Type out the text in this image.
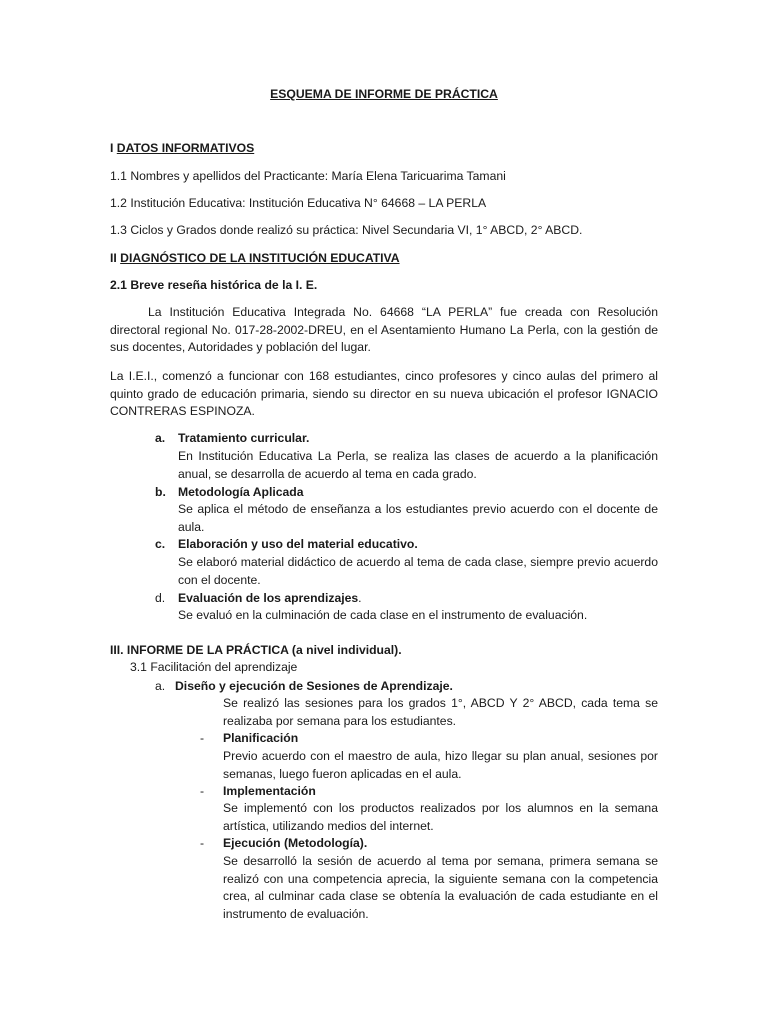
ESQUEMA DE INFORME DE PRÁCTICA
I DATOS INFORMATIVOS
1.1 Nombres y apellidos del Practicante: María Elena Taricuarima Tamani
1.2 Institución Educativa: Institución Educativa N° 64668 – LA PERLA
1.3 Ciclos y Grados donde realizó su práctica: Nivel Secundaria VI, 1° ABCD, 2° ABCD.
II DIAGNÓSTICO DE LA INSTITUCIÓN EDUCATIVA
2.1 Breve reseña histórica de la I. E.
La Institución Educativa Integrada No. 64668 “LA PERLA” fue creada con Resolución directoral regional No. 017-28-2002-DREU, en el Asentamiento Humano La Perla, con la gestión de sus docentes, Autoridades y población del lugar.
La I.E.I., comenzó a funcionar con 168 estudiantes, cinco profesores y cinco aulas del primero al quinto grado de educación primaria, siendo su director en su nueva ubicación el profesor IGNACIO CONTRERAS ESPINOZA.
a. Tratamiento curricular.
En Institución Educativa La Perla, se realiza las clases de acuerdo a la planificación anual, se desarrolla de acuerdo al tema en cada grado.
b. Metodología Aplicada
Se aplica el método de enseñanza a los estudiantes previo acuerdo con el docente de aula.
c. Elaboración y uso del material educativo.
Se elaboró material didáctico de acuerdo al tema de cada clase, siempre previo acuerdo con el docente.
d. Evaluación de los aprendizajes.
Se evaluó en la culminación de cada clase en el instrumento de evaluación.
III. INFORME DE LA PRÁCTICA (a nivel individual).
3.1 Facilitación del aprendizaje
a. Diseño y ejecución de Sesiones de Aprendizaje.
Se realizó las sesiones para los grados 1°, ABCD Y 2° ABCD, cada tema se realizaba por semana para los estudiantes.
- Planificación
Previo acuerdo con el maestro de aula, hizo llegar su plan anual, sesiones por semanas, luego fueron aplicadas en el aula.
- Implementación
Se implementó con los productos realizados por los alumnos en la semana artística, utilizando medios del internet.
- Ejecución (Metodología).
Se desarrolló la sesión de acuerdo al tema por semana, primera semana se realizó con una competencia aprecia, la siguiente semana con la competencia crea, al culminar cada clase se obtenía la evaluación de cada estudiante en el instrumento de evaluación.
